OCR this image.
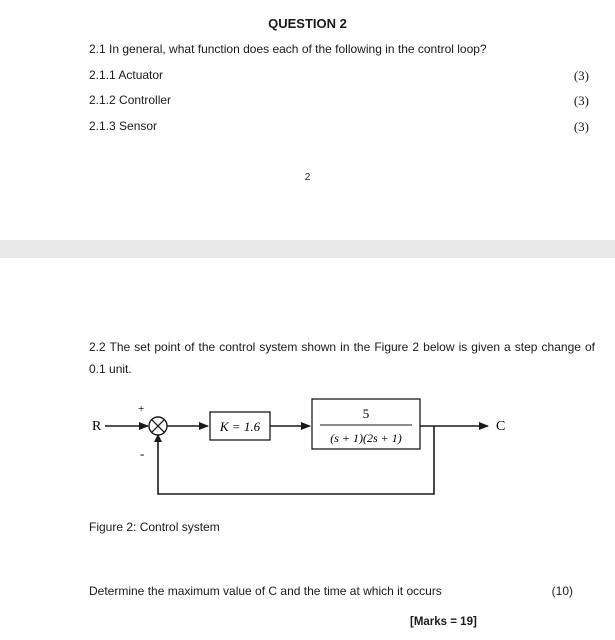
QUESTION 2
2.1 In general, what function does each of the following in the control loop?
2.1.1 Actuator	(3)
2.1.2 Controller	(3)
2.1.3 Sensor	(3)
2
2.2 The set point of the control system shown in the Figure 2 below is given a step change of 0.1 unit.
R
+
-
K = 1.6
5
(s + 1)(2s + 1)
C
Figure 2: Control system
Determine the maximum value of C and the time at which it occurs	(10)
[Marks = 19]
